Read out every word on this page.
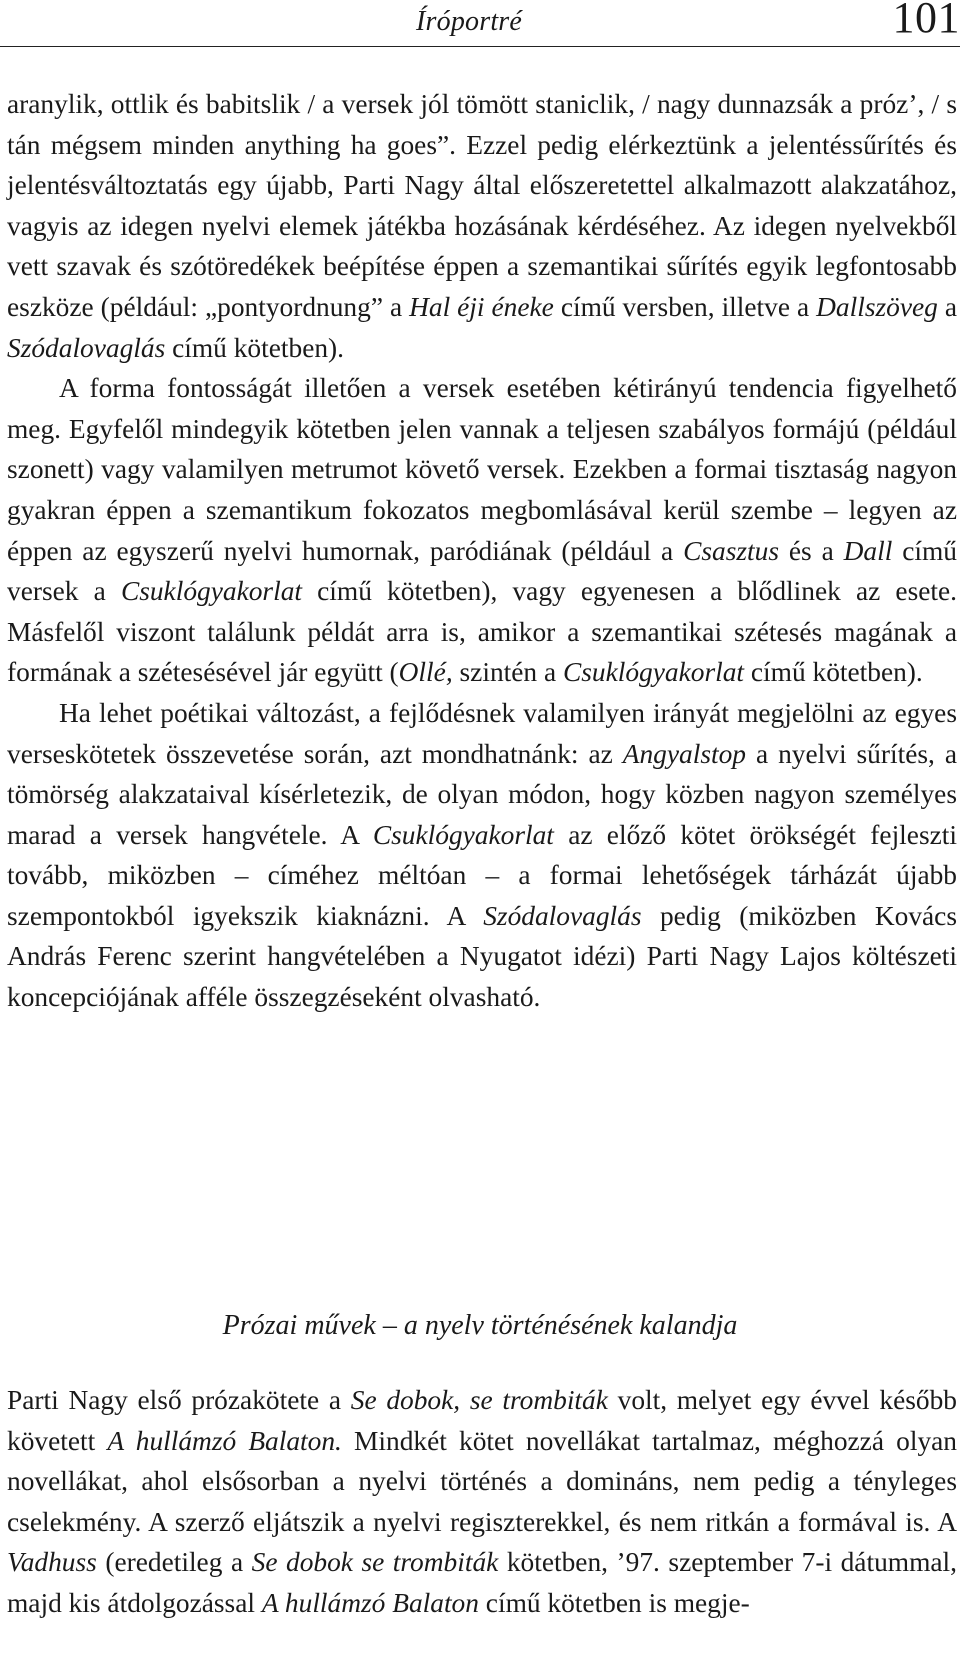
Íróportré	101

aranylik, ottlik és babitslik / a versek jól tömött staniclik, / nagy dunnazsák a próz’, / s tán mégsem minden anything ha goes”. Ezzel pedig elérkeztünk a jelentéssűrítés és jelentésváltoztatás egy újabb, Parti Nagy által előszeretettel alkalmazott alakzatához, vagyis az idegen nyelvi elemek játékba hozásának kérdéséhez. Az idegen nyelvekből vett szavak és szótöredékek beépítése éppen a szemantikai sűrítés egyik legfontosabb eszköze (például: „pontyordnung” a Hal éji éneke című versben, illetve a Dallszöveg a Szódalovaglás című kötetben).

A forma fontosságát illetően a versek esetében kétirányú tendencia figyelhető meg. Egyfelől mindegyik kötetben jelen vannak a teljesen szabályos formájú (például szonett) vagy valamilyen metrumot követő versek. Ezekben a formai tisztaság nagyon gyakran éppen a szemantikum fokozatos megbomlásával kerül szembe – legyen az éppen az egyszerű nyelvi humornak, paródiának (például a Csasztus és a Dall című versek a Csuklógyakorlat című kötetben), vagy egyenesen a blődlinek az esete. Másfelől viszont találunk példát arra is, amikor a szemantikai szétesés magának a formának a szétesésével jár együtt (Ollé, szintén a Csuklógyakorlat című kötetben).

Ha lehet poétikai változást, a fejlődésnek valamilyen irányát megjelölni az egyes verseskötetek összevetése során, azt mondhatnánk: az Angyalstop a nyelvi sűrítés, a tömörség alakzataival kísérletezik, de olyan módon, hogy közben nagyon személyes marad a versek hangvétele. A Csuklógyakorlat az előző kötet örökségét fejleszti tovább, miközben – címéhez méltóan – a formai lehetőségek tárházát újabb szempontokból igyekszik kiaknázni. A Szódalovaglás pedig (miközben Kovács András Ferenc szerint hangvételében a Nyugatot idézi) Parti Nagy Lajos költészeti koncepciójának afféle összegzéseként olvasható.

Prózai művek – a nyelv történésének kalandja

Parti Nagy első prózakötete a Se dobok, se trombiták volt, melyet egy évvel később követett A hullámzó Balaton. Mindkét kötet novellákat tartalmaz, méghozzá olyan novellákat, ahol elsősorban a nyelvi történés a domináns, nem pedig a tényleges cselekmény. A szerző eljátszik a nyelvi regiszterekkel, és nem ritkán a formával is. A Vadhuss (eredetileg a Se dobok se trombiták kötetben, ’97. szeptember 7-i dátummal, majd kis átdolgozással A hullámzó Balaton című kötetben is megje-
